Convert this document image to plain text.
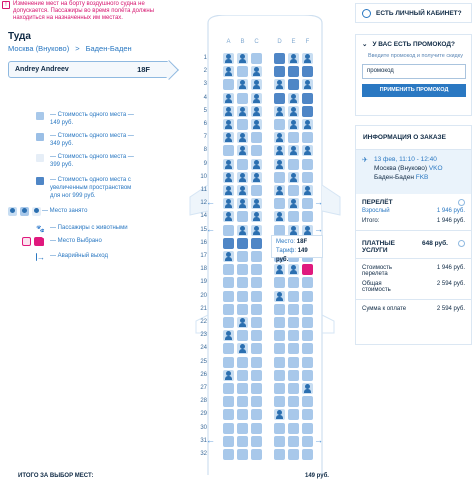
!	Изменение мест на борту воздушного судна не допускается. Пассажиры во время полёта должны находиться на назначенных им местах.
Туда
Москва (Внуково) > Баден-Баден
Andrey Andreev	18F
— Стоимость одного места —
149 руб.
— Стоимость одного места —
349 руб.
— Стоимость одного места —
399 руб.
— Стоимость одного места с
увеличенным пространством
для ног 999 руб.
— Место занято
🐾 — Пассажиры с животными
— Место Выбрано
→ — Аварийный выход
A	B	C	D	E	F
1
2
3
4
5
6
7
8
9
10
11
12 ←	→
14
15 ←	→
16
17
18
19
20
21
22
23
24
25
26
27
28
29
30
31 ←	→
32
Место: 18F
Тариф: 149 руб.
ЕСТЬ ЛИЧНЫЙ КАБИНЕТ?
⌄ У ВАС ЕСТЬ ПРОМОКОД?
Введите промокод и получите скидку
промокод
ПРИМЕНИТЬ ПРОМОКОД
ИНФОРМАЦИЯ О ЗАКАЗЕ
✈ 13 фев, 11:10 - 12:40
Москва (Внуково) VKO
Баден-Баден FKB
ПЕРЕЛЁТ
Взрослый	1 946 руб.
Итого:	1 946 руб.
ПЛАТНЫЕ УСЛУГИ
648 руб.
Стоимость перелета
1 946 руб.
Общая стоимость
2 594 руб.
Сумма к оплате	2 594 руб.
ИТОГО ЗА ВЫБОР МЕСТ:	149 руб.
